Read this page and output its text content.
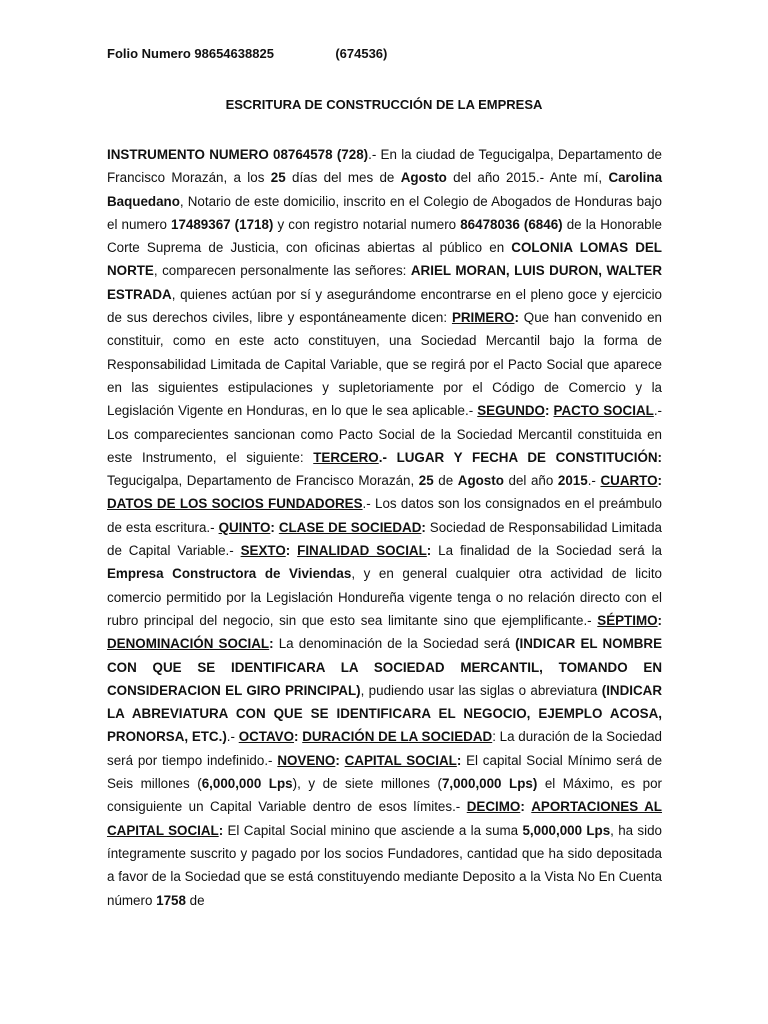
Folio Numero 98654638825	(674536)
ESCRITURA DE CONSTRUCCIÓN DE LA EMPRESA
INSTRUMENTO NUMERO 08764578 (728).- En la ciudad de Tegucigalpa, Departamento de Francisco Morazán, a los 25 días del mes de Agosto del año 2015.- Ante mí, Carolina Baquedano, Notario de este domicilio, inscrito en el Colegio de Abogados de Honduras bajo el numero 17489367 (1718) y con registro notarial numero 86478036 (6846) de la Honorable Corte Suprema de Justicia, con oficinas abiertas al público en COLONIA LOMAS DEL NORTE, comparecen personalmente las señores: ARIEL MORAN, LUIS DURON, WALTER ESTRADA, quienes actúan por sí y asegurándome encontrarse en el pleno goce y ejercicio de sus derechos civiles, libre y espontáneamente dicen: PRIMERO: Que han convenido en constituir, como en este acto constituyen, una Sociedad Mercantil bajo la forma de Responsabilidad Limitada de Capital Variable, que se regirá por el Pacto Social que aparece en las siguientes estipulaciones y supletoriamente por el Código de Comercio y la Legislación Vigente en Honduras, en lo que le sea aplicable.- SEGUNDO: PACTO SOCIAL.- Los comparecientes sancionan como Pacto Social de la Sociedad Mercantil constituida en este Instrumento, el siguiente: TERCERO.- LUGAR Y FECHA DE CONSTITUCIÓN: Tegucigalpa, Departamento de Francisco Morazán, 25 de Agosto del año 2015.- CUARTO: DATOS DE LOS SOCIOS FUNDADORES.- Los datos son los consignados en el preámbulo de esta escritura.- QUINTO: CLASE DE SOCIEDAD: Sociedad de Responsabilidad Limitada de Capital Variable.- SEXTO: FINALIDAD SOCIAL: La finalidad de la Sociedad será la Empresa Constructora de Viviendas, y en general cualquier otra actividad de licito comercio permitido por la Legislación Hondureña vigente tenga o no relación directo con el rubro principal del negocio, sin que esto sea limitante sino que ejemplificante.- SÉPTIMO: DENOMINACIÓN SOCIAL: La denominación de la Sociedad será (INDICAR EL NOMBRE CON QUE SE IDENTIFICARA LA SOCIEDAD MERCANTIL, TOMANDO EN CONSIDERACION EL GIRO PRINCIPAL), pudiendo usar las siglas o abreviatura (INDICAR LA ABREVIATURA CON QUE SE IDENTIFICARA EL NEGOCIO, EJEMPLO ACOSA, PRONORSA, ETC.).- OCTAVO: DURACIÓN DE LA SOCIEDAD: La duración de la Sociedad será por tiempo indefinido.- NOVENO: CAPITAL SOCIAL: El capital Social Mínimo será de Seis millones (6,000,000 Lps), y de siete millones (7,000,000 Lps) el Máximo, es por consiguiente un Capital Variable dentro de esos límites.- DECIMO: APORTACIONES AL CAPITAL SOCIAL: El Capital Social minino que asciende a la suma 5,000,000 Lps, ha sido íntegramente suscrito y pagado por los socios Fundadores, cantidad que ha sido depositada a favor de la Sociedad que se está constituyendo mediante Deposito a la Vista No En Cuenta número 1758 de
